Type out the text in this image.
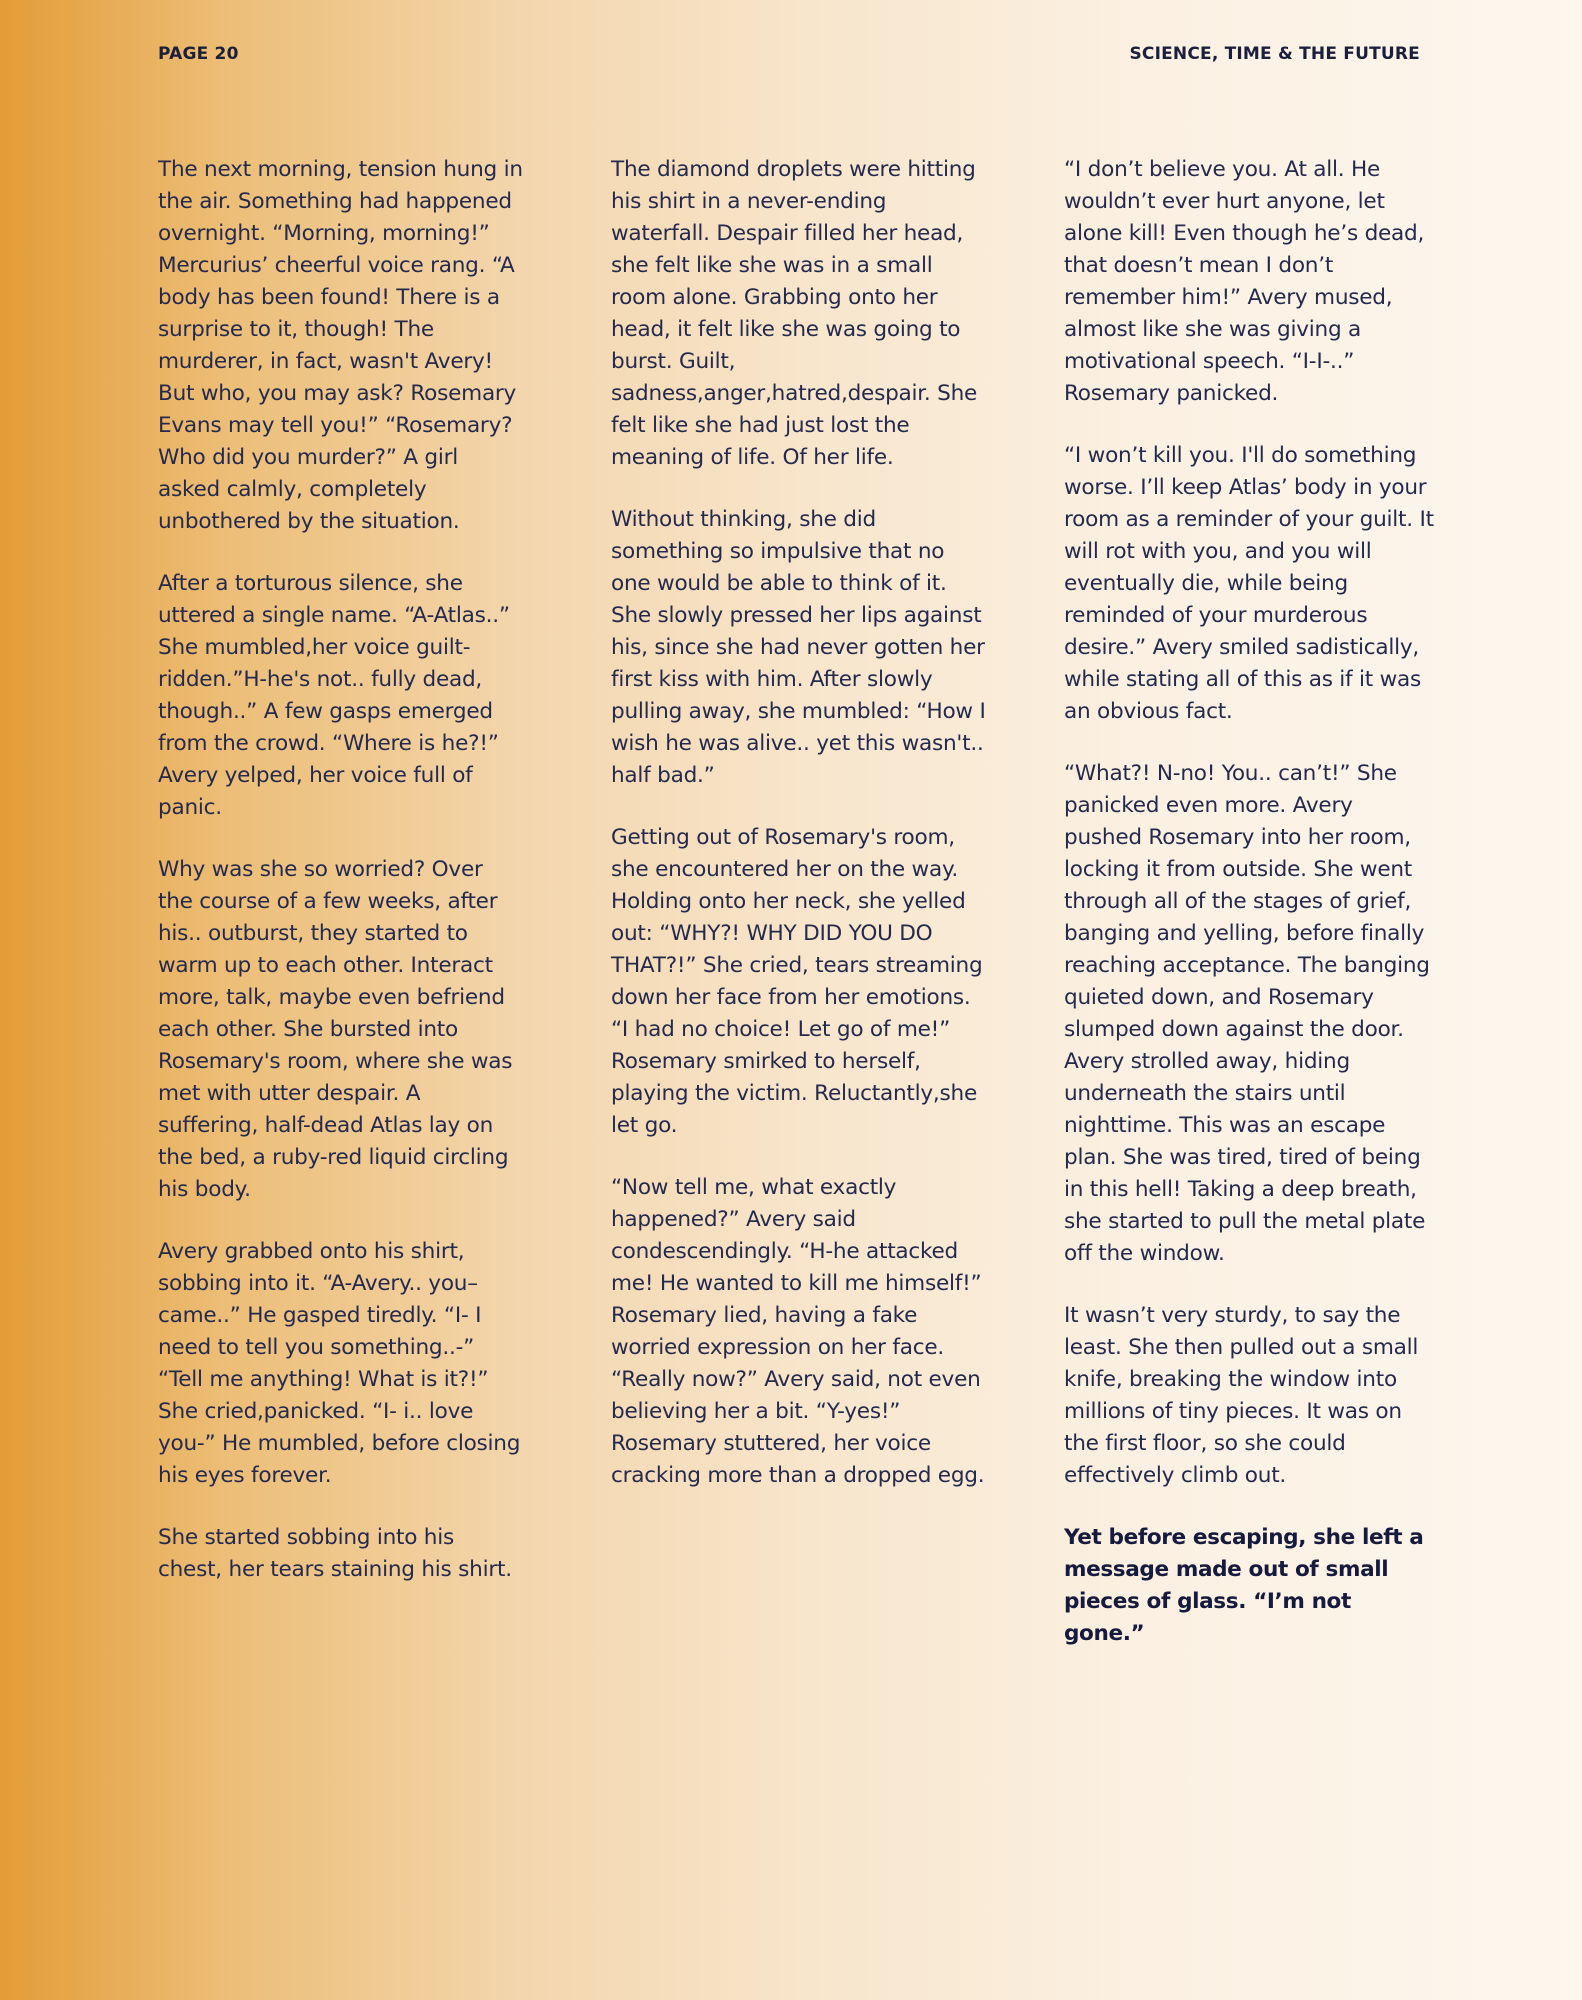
PAGE 20	SCIENCE, TIME & THE FUTURE

The next morning, tension hung in the air. Something had happened overnight. “Morning, morning!” Mercurius’ cheerful voice rang. “A body has been found! There is a surprise to it, though! The murderer, in fact, wasn't Avery! But who, you may ask? Rosemary Evans may tell you!” “Rosemary? Who did you murder?” A girl asked calmly, completely unbothered by the situation.

After a torturous silence, she uttered a single name. “A-Atlas..” She mumbled,her voice guilt-ridden.”H-he's not.. fully dead, though..” A few gasps emerged from the crowd. “Where is he?!” Avery yelped, her voice full of panic.

Why was she so worried? Over the course of a few weeks, after his.. outburst, they started to warm up to each other. Interact more, talk, maybe even befriend each other. She bursted into Rosemary's room, where she was met with utter despair. A suffering, half-dead Atlas lay on the bed, a ruby-red liquid circling his body.

Avery grabbed onto his shirt, sobbing into it. “A-Avery.. you–came..” He gasped tiredly. “I- I need to tell you something..-” “Tell me anything! What is it?!” She cried,panicked. “I- i.. love you-” He mumbled, before closing his eyes forever.

She started sobbing into his chest, her tears staining his shirt.

The diamond droplets were hitting his shirt in a never-ending waterfall. Despair filled her head, she felt like she was in a small room alone. Grabbing onto her head, it felt like she was going to burst. Guilt, sadness,anger,hatred,despair. She felt like she had just lost the meaning of life. Of her life.

Without thinking, she did something so impulsive that no one would be able to think of it. She slowly pressed her lips against his, since she had never gotten her first kiss with him. After slowly pulling away, she mumbled: “How I wish he was alive.. yet this wasn't.. half bad.”

Getting out of Rosemary's room, she encountered her on the way. Holding onto her neck, she yelled out: “WHY?! WHY DID YOU DO THAT?!” She cried, tears streaming down her face from her emotions. “I had no choice! Let go of me!” Rosemary smirked to herself, playing the victim. Reluctantly,she let go.

“Now tell me, what exactly happened?” Avery said condescendingly. “H-he attacked me! He wanted to kill me himself!” Rosemary lied, having a fake worried expression on her face. “Really now?” Avery said, not even believing her a bit. “Y-yes!” Rosemary stuttered, her voice cracking more than a dropped egg.

“I don’t believe you. At all. He wouldn’t ever hurt anyone, let alone kill! Even though he’s dead, that doesn’t mean I don’t remember him!” Avery mused, almost like she was giving a motivational speech. “I-I-..” Rosemary panicked.

“I won’t kill you. I'll do something worse. I’ll keep Atlas’ body in your room as a reminder of your guilt. It will rot with you, and you will eventually die, while being reminded of your murderous desire.” Avery smiled sadistically, while stating all of this as if it was an obvious fact.

“What?! N-no! You.. can’t!” She panicked even more. Avery pushed Rosemary into her room, locking it from outside. She went through all of the stages of grief, banging and yelling, before finally reaching acceptance. The banging quieted down, and Rosemary slumped down against the door. Avery strolled away, hiding underneath the stairs until nighttime. This was an escape plan. She was tired, tired of being in this hell! Taking a deep breath, she started to pull the metal plate off the window.

It wasn’t very sturdy, to say the least. She then pulled out a small knife, breaking the window into millions of tiny pieces. It was on the first floor, so she could effectively climb out.

Yet before escaping, she left a message made out of small pieces of glass. “I’m not gone.”
